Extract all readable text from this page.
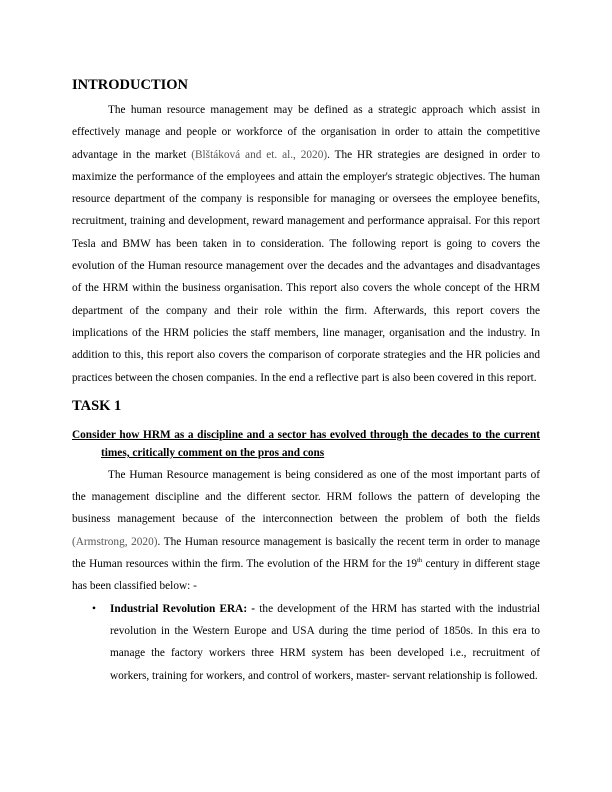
INTRODUCTION

The human resource management may be defined as a strategic approach which assist in effectively manage and people or workforce of the organisation in order to attain the competitive advantage in the market (Blštáková and et. al., 2020). The HR strategies are designed in order to maximize the performance of the employees and attain the employer's strategic objectives. The human resource department of the company is responsible for managing or oversees the employee benefits, recruitment, training and development, reward management and performance appraisal. For this report Tesla and BMW has been taken in to consideration. The following report is going to covers the evolution of the Human resource management over the decades and the advantages and disadvantages of the HRM within the business organisation. This report also covers the whole concept of the HRM department of the company and their role within the firm. Afterwards, this report covers the implications of the HRM policies the staff members, line manager, organisation and the industry. In addition to this, this report also covers the comparison of corporate strategies and the HR policies and practices between the chosen companies. In the end a reflective part is also been covered in this report.

TASK 1
Consider how HRM as a discipline and a sector has evolved through the decades to the current times, critically comment on the pros and cons

The Human Resource management is being considered as one of the most important parts of the management discipline and the different sector. HRM follows the pattern of developing the business management because of the interconnection between the problem of both the fields (Armstrong, 2020). The Human resource management is basically the recent term in order to manage the Human resources within the firm. The evolution of the HRM for the 19th century in different stage has been classified below: -

• Industrial Revolution ERA: - the development of the HRM has started with the industrial revolution in the Western Europe and USA during the time period of 1850s. In this era to manage the factory workers three HRM system has been developed i.e., recruitment of workers, training for workers, and control of workers, master- servant relationship is followed.
